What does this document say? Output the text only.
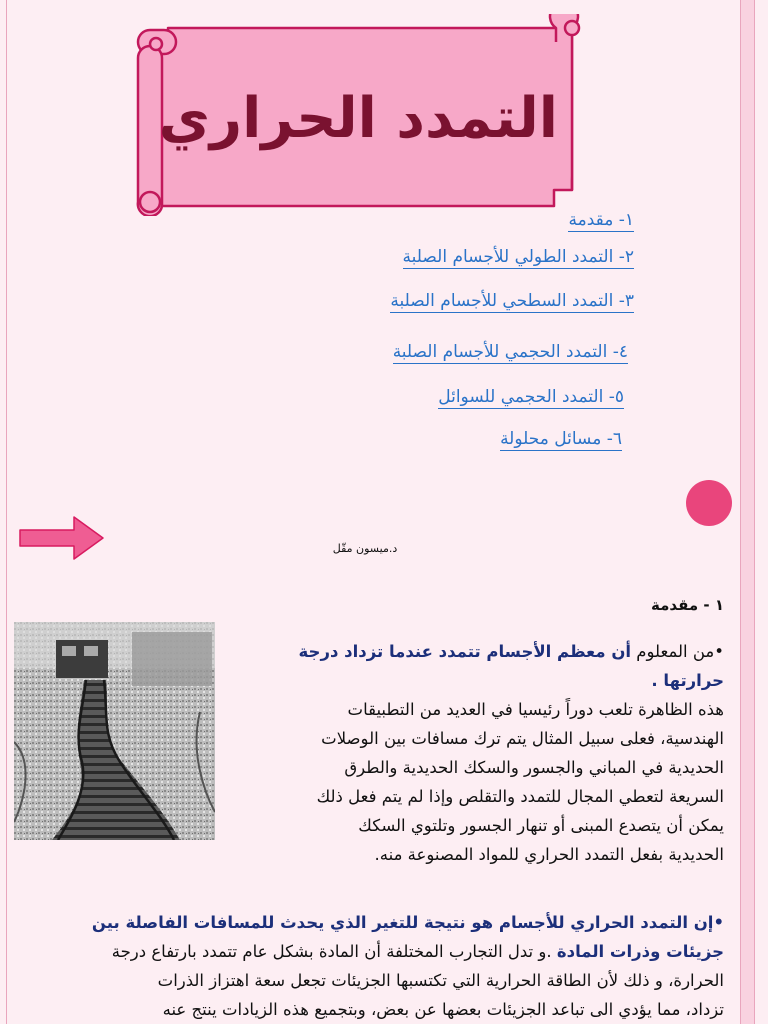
التمدد الحراري
١- مقدمة
٢- التمدد الطولي للأجسام الصلبة
٣- التمدد السطحي للأجسام الصلبة
٤- التمدد الحجمي للأجسام الصلبة
٥- التمدد الحجمي للسوائل
٦- مسائل محلولة
د.ميسون مقّل
١ - مقدمة
•من المعلوم أن معظم الأجسام تتمدد عندما تزداد درجة
حرارتها .
هذه الظاهرة تلعب دوراً رئيسيا في العديد من التطبيقات
الهندسية، فعلى سبيل المثال يتم ترك مسافات بين الوصلات
الحديدية في المباني والجسور والسكك الحديدية والطرق
السريعة لتعطي المجال للتمدد والتقلص وإذا لم يتم فعل ذلك
يمكن أن يتصدع المبنى أو تنهار الجسور وتلتوي السكك
الحديدية بفعل التمدد الحراري للمواد المصنوعة منه.
•إن التمدد الحراري للأجسام هو نتيجة للتغير الذي يحدث للمسافات الفاصلة بين
جزيئات وذرات المادة .و تدل التجارب المختلفة أن المادة بشكل عام تتمدد بارتفاع درجة
الحرارة، و ذلك لأن الطاقة الحرارية التي تكتسبها الجزيئات تجعل سعة اهتزاز الذرات
تزداد، مما يؤدي الى تباعد الجزيئات بعضها عن بعض، وبتجميع هذه الزيادات ينتج عنه
